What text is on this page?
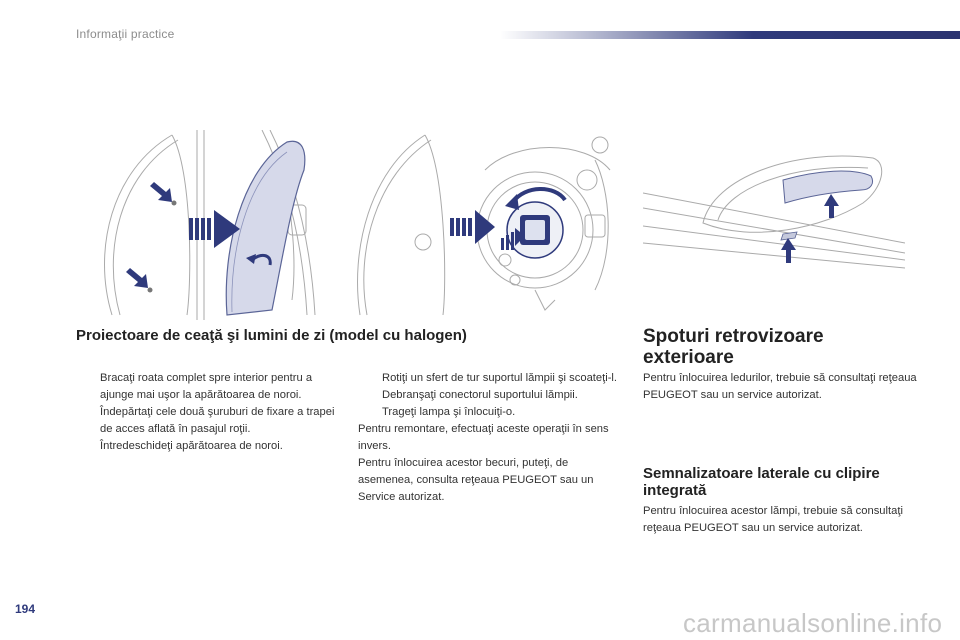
Informaţii practice
Proiectoare de ceaţă şi lumini de zi (model cu halogen)
Bracaţi roata complet spre interior pentru a ajunge mai uşor la apărătoarea de noroi.
Îndepărtaţi cele două şuruburi de fixare a trapei de acces aflată în pasajul roţii.
Întredeschideţi apărătoarea de noroi.
Rotiţi un sfert de tur suportul lămpii şi scoateţi-l.
Debranşaţi conectorul suportului lămpii.
Trageţi lampa şi înlocuiţi-o.
Pentru remontare, efectuaţi aceste operaţii în sens invers.
Pentru înlocuirea acestor becuri, puteţi, de asemenea, consulta reţeaua PEUGEOT sau un Service autorizat.
Spoturi retrovizoare exterioare
Pentru înlocuirea ledurilor, trebuie să consultaţi reţeaua PEUGEOT sau un service autorizat.
Semnalizatoare laterale cu clipire integrată
Pentru înlocuirea acestor lămpi, trebuie să consultaţi reţeaua PEUGEOT sau un service autorizat.
194	carmanualsonline.info
